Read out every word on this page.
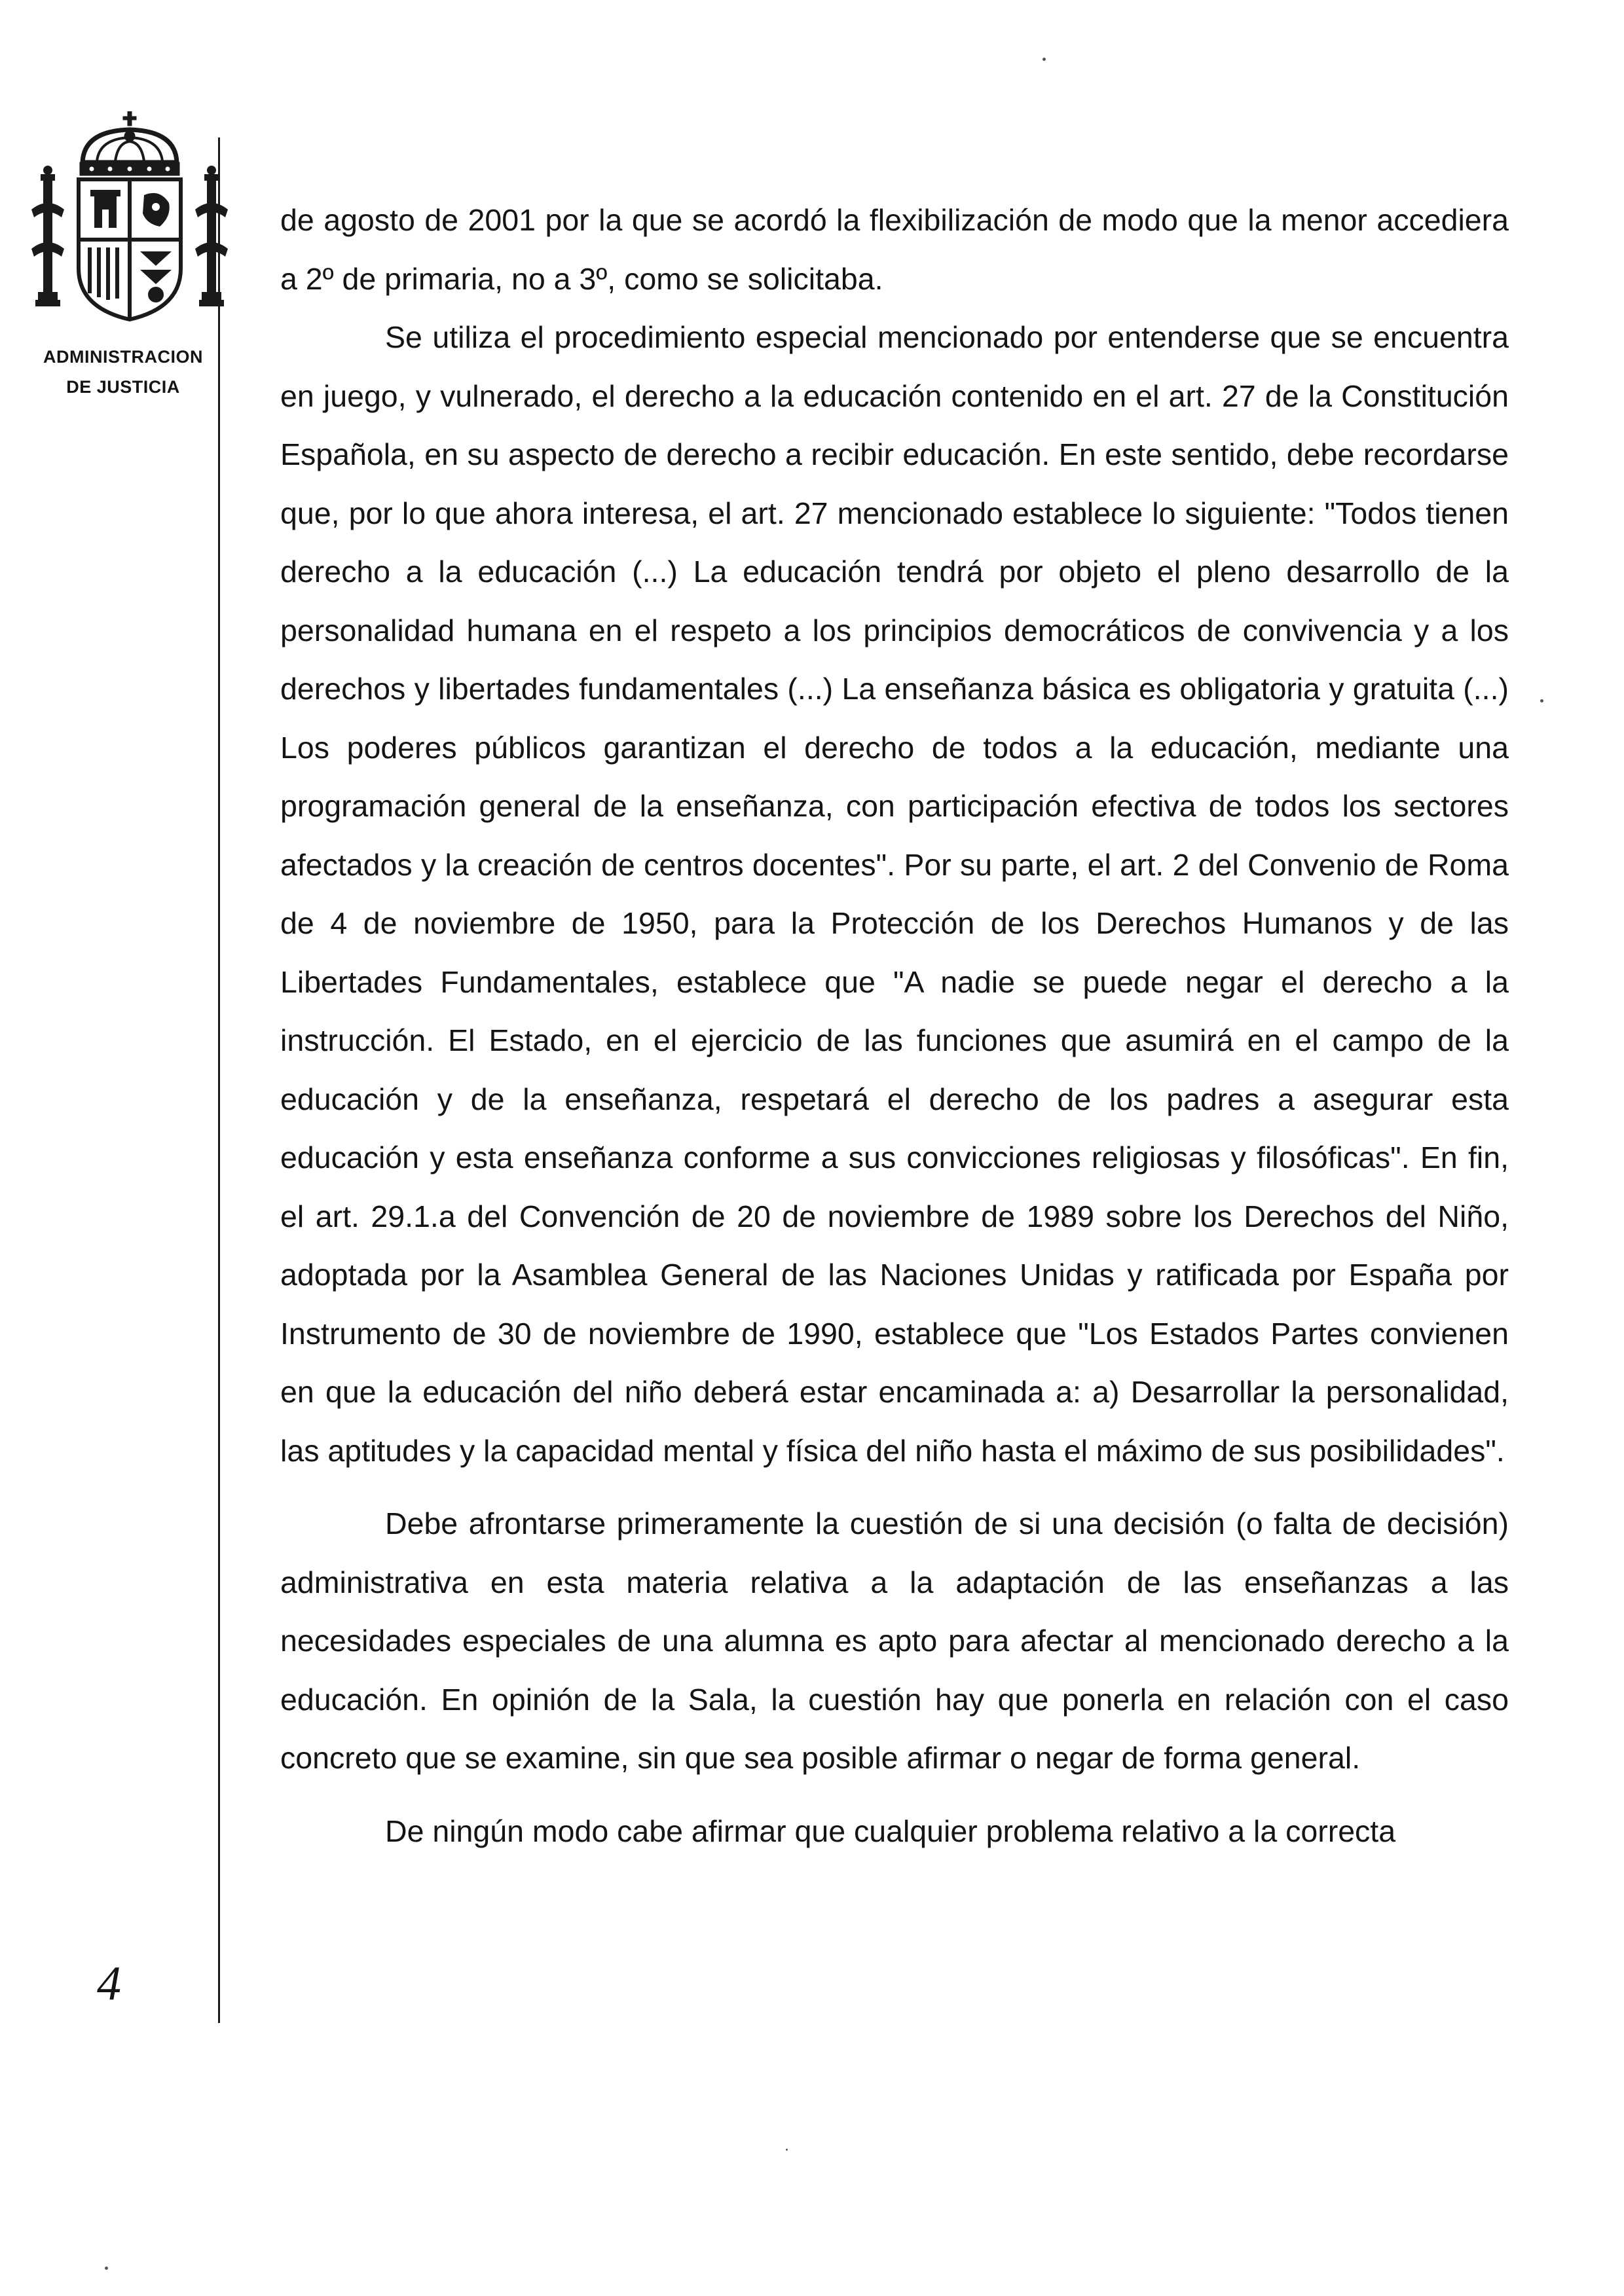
ADMINISTRACION
DE JUSTICIA
4

de agosto de 2001 por la que se acordó la flexibilización de modo que la menor accediera a 2º de primaria, no a 3º, como se solicitaba.

Se utiliza el procedimiento especial mencionado por entenderse que se encuentra en juego, y vulnerado, el derecho a la educación contenido en el art. 27 de la Constitución Española, en su aspecto de derecho a recibir educación. En este sentido, debe recordarse que, por lo que ahora interesa, el art. 27 mencionado establece lo siguiente: "Todos tienen derecho a la educación (...) La educación tendrá por objeto el pleno desarrollo de la personalidad humana en el respeto a los principios democráticos de convivencia y a los derechos y libertades fundamentales (...) La enseñanza básica es obligatoria y gratuita (...) Los poderes públicos garantizan el derecho de todos a la educación, mediante una programación general de la enseñanza, con participación efectiva de todos los sectores afectados y la creación de centros docentes". Por su parte, el art. 2 del Convenio de Roma de 4 de noviembre de 1950, para la Protección de los Derechos Humanos y de las Libertades Fundamentales, establece que "A nadie se puede negar el derecho a la instrucción. El Estado, en el ejercicio de las funciones que asumirá en el campo de la educación y de la enseñanza, respetará el derecho de los padres a asegurar esta educación y esta enseñanza conforme a sus convicciones religiosas y filosóficas". En fin, el art. 29.1.a del Convención de 20 de noviembre de 1989 sobre los Derechos del Niño, adoptada por la Asamblea General de las Naciones Unidas y ratificada por España por Instrumento de 30 de noviembre de 1990, establece que "Los Estados Partes convienen en que la educación del niño deberá estar encaminada a: a) Desarrollar la personalidad, las aptitudes y la capacidad mental y física del niño hasta el máximo de sus posibilidades".

Debe afrontarse primeramente la cuestión de si una decisión (o falta de decisión) administrativa en esta materia relativa a la adaptación de las enseñanzas a las necesidades especiales de una alumna es apto para afectar al mencionado derecho a la educación. En opinión de la Sala, la cuestión hay que ponerla en relación con el caso concreto que se examine, sin que sea posible afirmar o negar de forma general.

De ningún modo cabe afirmar que cualquier problema relativo a la correcta
